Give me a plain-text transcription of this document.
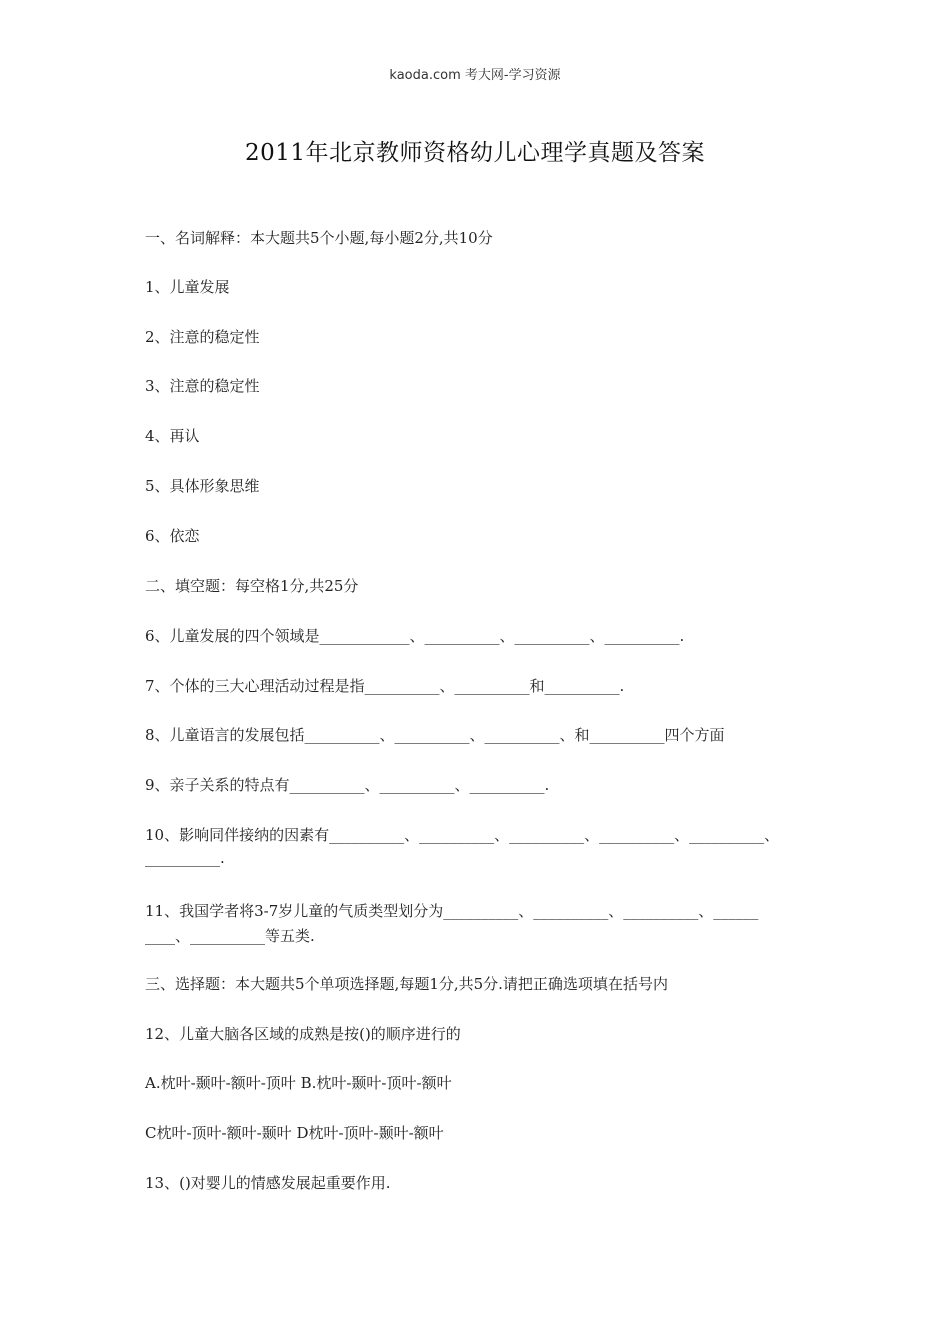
kaoda.com 考大网-学习资源
2011年北京教师资格幼儿心理学真题及答案
一、名词解释：本大题共5个小题,每小题2分,共10分
1、儿童发展
2、注意的稳定性
3、注意的稳定性
4、再认
5、具体形象思维
6、依恋
二、填空题：每空格1分,共25分
6、儿童发展的四个领域是____________、__________、__________、__________.
7、个体的三大心理活动过程是指__________、__________和__________.
8、儿童语言的发展包括__________、__________、__________、和__________四个方面
9、亲子关系的特点有__________、__________、__________.
10、影响同伴接纳的因素有__________、__________、__________、__________、__________、
__________.
11、我国学者将3-7岁儿童的气质类型划分为__________、__________、__________、______
____、__________等五类.
三、选择题：本大题共5个单项选择题,每题1分,共5分.请把正确选项填在括号内
12、儿童大脑各区域的成熟是按()的顺序进行的
A.枕叶-颞叶-额叶-顶叶 B.枕叶-颞叶-顶叶-额叶
C枕叶-顶叶-额叶-颞叶 D枕叶-顶叶-颞叶-额叶
13、()对婴儿的情感发展起重要作用.
